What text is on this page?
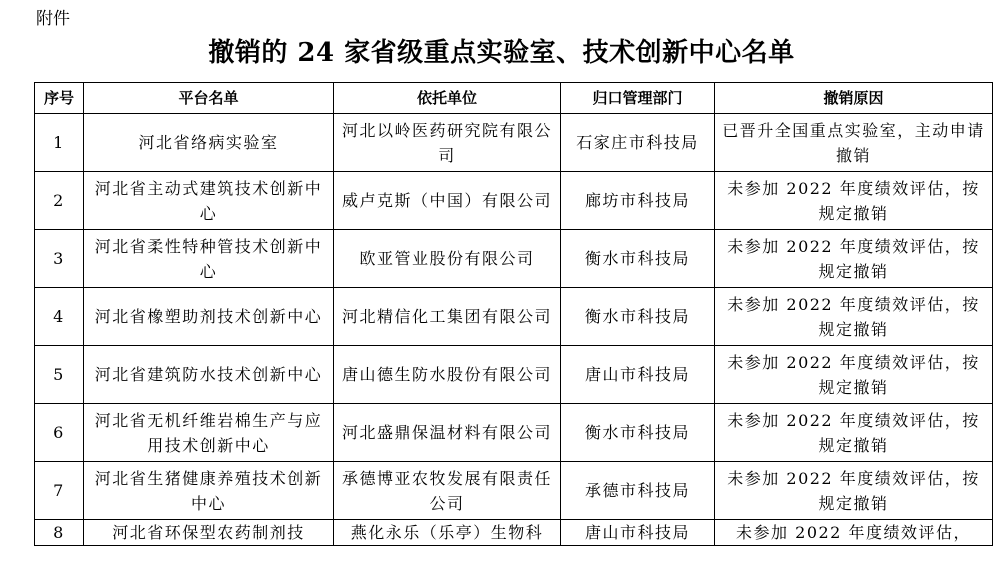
附件
撤销的 24 家省级重点实验室、技术创新中心名单
序号	平台名单	依托单位	归口管理部门	撤销原因
1	河北省络病实验室	河北以岭医药研究院有限公司	石家庄市科技局	已晋升全国重点实验室，主动申请撤销
2	河北省主动式建筑技术创新中心	威卢克斯（中国）有限公司	廊坊市科技局	未参加 2022 年度绩效评估，按规定撤销
3	河北省柔性特种管技术创新中心	欧亚管业股份有限公司	衡水市科技局	未参加 2022 年度绩效评估，按规定撤销
4	河北省橡塑助剂技术创新中心	河北精信化工集团有限公司	衡水市科技局	未参加 2022 年度绩效评估，按规定撤销
5	河北省建筑防水技术创新中心	唐山德生防水股份有限公司	唐山市科技局	未参加 2022 年度绩效评估，按规定撤销
6	河北省无机纤维岩棉生产与应用技术创新中心	河北盛鼎保温材料有限公司	衡水市科技局	未参加 2022 年度绩效评估，按规定撤销
7	河北省生猪健康养殖技术创新中心	承德博亚农牧发展有限责任公司	承德市科技局	未参加 2022 年度绩效评估，按规定撤销
8	河北省环保型农药制剂技	燕化永乐（乐亭）生物科	唐山市科技局	未参加 2022 年度绩效评估，
